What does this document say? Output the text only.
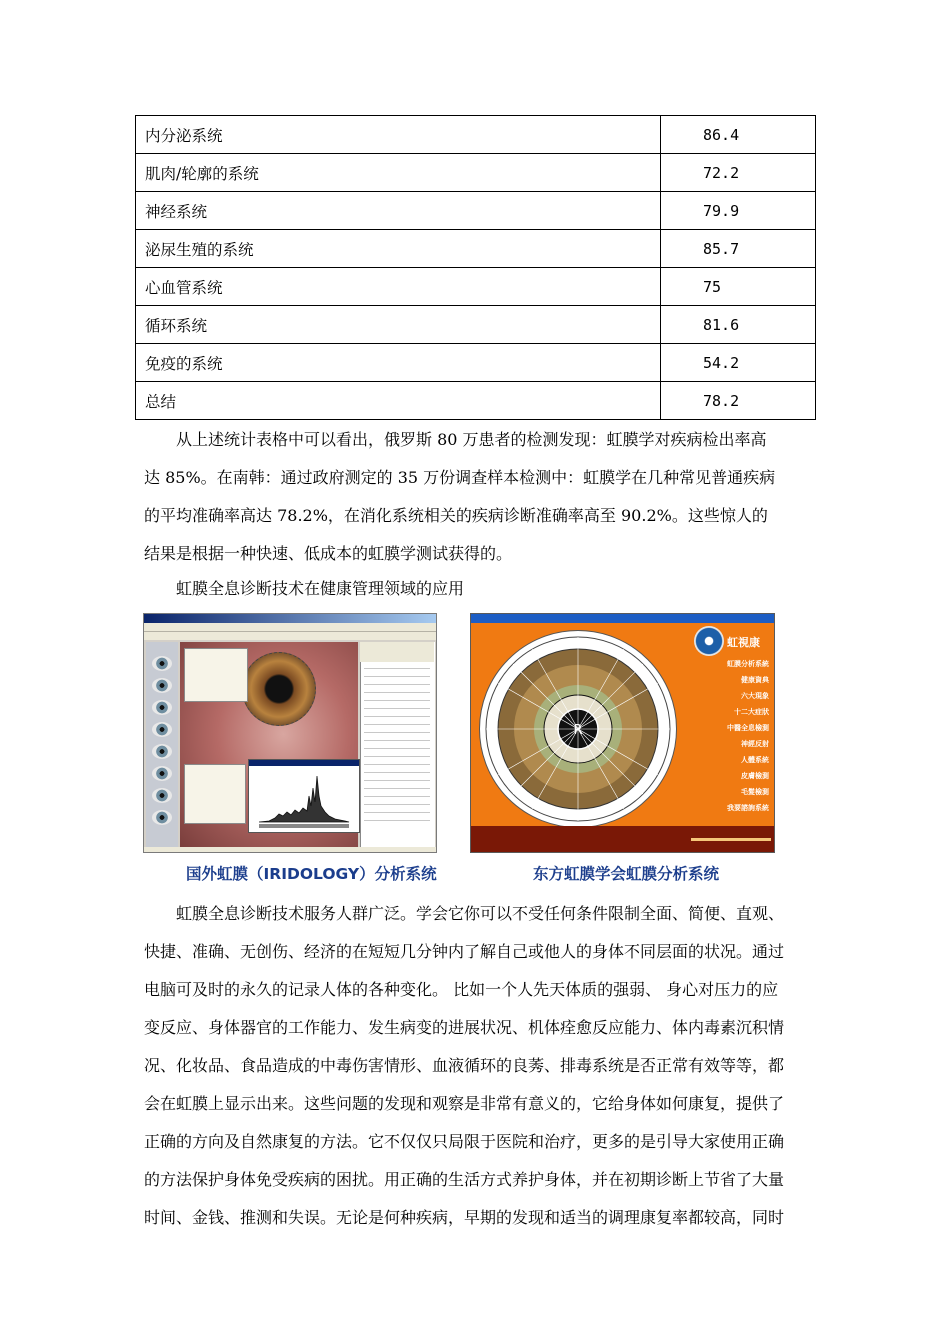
内分泌系统	86.4
肌肉/轮廓的系统	72.2
神经系统	79.9
泌尿生殖的系统	85.7
心血管系统	75
循环系统	81.6
免疫的系统	54.2
总结	78.2

从上述统计表格中可以看出，俄罗斯 80 万患者的检测发现：虹膜学对疾病检出率高
达 85%。在南韩：通过政府测定的 35 万份调查样本检测中：虹膜学在几种常见普通疾病
的平均准确率高达 78.2%，在消化系统相关的疾病诊断准确率高至 90.2%。这些惊人的
结果是根据一种快速、低成本的虹膜学测试获得的。

虹膜全息诊断技术在健康管理领域的应用

R
虹視康
虹膜分析系統
健康資典
六大現象
十二大症狀
中醫全息檢測
神經反射
人體系統
皮膚檢測
毛髮檢測
我要諮詢系統
国外虹膜（IRIDOLOGY）分析系统	东方虹膜学会虹膜分析系统

虹膜全息诊断技术服务人群广泛。学会它你可以不受任何条件限制全面、简便、直观、
快捷、准确、无创伤、经济的在短短几分钟内了解自己或他人的身体不同层面的状况。通过
电脑可及时的永久的记录人体的各种变化。 比如一个人先天体质的强弱、 身心对压力的应
变反应、身体器官的工作能力、发生病变的进展状况、机体痊愈反应能力、体内毒素沉积情
况、化妆品、食品造成的中毒伤害情形、血液循环的良莠、排毒系统是否正常有效等等，都
会在虹膜上显示出来。这些问题的发现和观察是非常有意义的，它给身体如何康复，提供了
正确的方向及自然康复的方法。它不仅仅只局限于医院和治疗，更多的是引导大家使用正确
的方法保护身体免受疾病的困扰。用正确的生活方式养护身体，并在初期诊断上节省了大量
时间、金钱、推测和失误。无论是何种疾病，早期的发现和适当的调理康复率都较高，同时
